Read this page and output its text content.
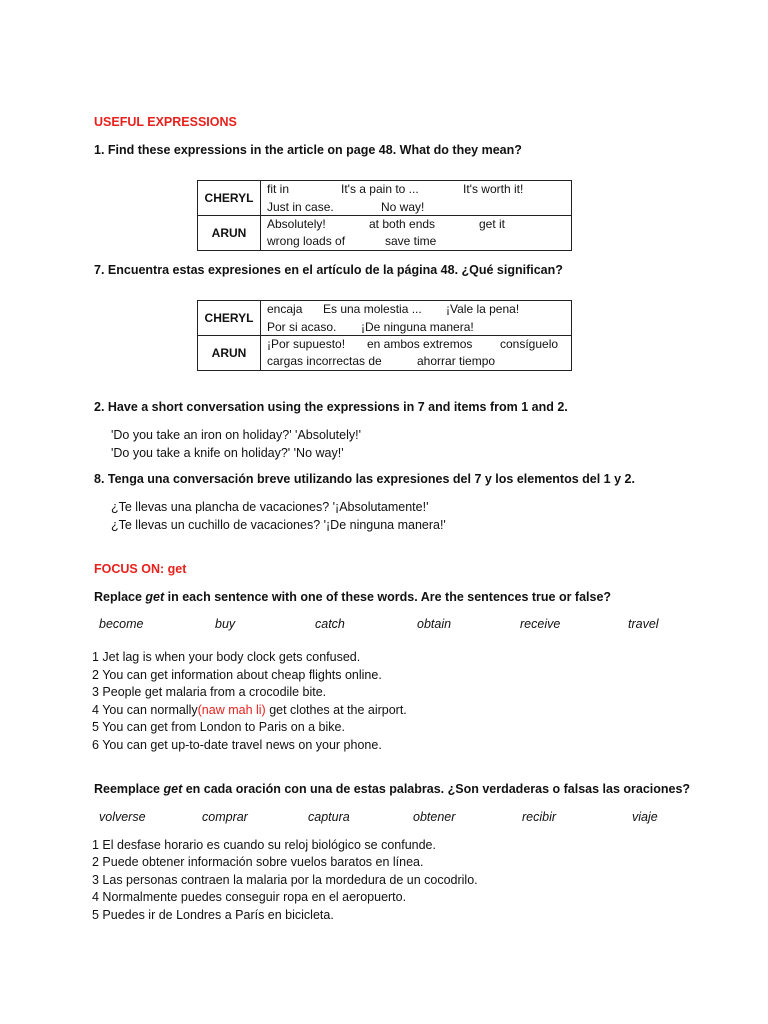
USEFUL EXPRESSIONS
1. Find these expressions in the article on page 48. What do they mean?
CHERYL	fit in It's a pain to ... It's worth it!
Just in case. No way!

ARUN	Absolutely! at both ends get it
wrong loads of save time
7. Encuentra estas expresiones en el artículo de la página 48. ¿Qué significan?
CHERYL	encaja Es una molestia ... ¡Vale la pena!
Por si acaso. ¡De ninguna manera!

ARUN	¡Por supuesto! en ambos extremos consíguelo
cargas incorrectas de ahorrar tiempo
2. Have a short conversation using the expressions in 7 and items from 1 and 2.
'Do you take an iron on holiday?' 'Absolutely!'
'Do you take a knife on holiday?' 'No way!'
8. Tenga una conversación breve utilizando las expresiones del 7 y los elementos del 1 y 2.
¿Te llevas una plancha de vacaciones? '¡Absolutamente!'
¿Te llevas un cuchillo de vacaciones? '¡De ninguna manera!'
FOCUS ON: get
Replace get in each sentence with one of these words. Are the sentences true or false?
become	buy	catch	obtain	receive	travel
1 Jet lag is when your body clock gets confused.
2 You can get information about cheap flights online.
3 People get malaria from a crocodile bite.
4 You can normally(naw mah li) get clothes at the airport.
5 You can get from London to Paris on a bike.
6 You can get up-to-date travel news on your phone.
Reemplace get en cada oración con una de estas palabras. ¿Son verdaderas o falsas las oraciones?
volverse	comprar	captura	obtener	recibir	viaje
1 El desfase horario es cuando su reloj biológico se confunde.
2 Puede obtener información sobre vuelos baratos en línea.
3 Las personas contraen la malaria por la mordedura de un cocodrilo.
4 Normalmente puedes conseguir ropa en el aeropuerto.
5 Puedes ir de Londres a París en bicicleta.
